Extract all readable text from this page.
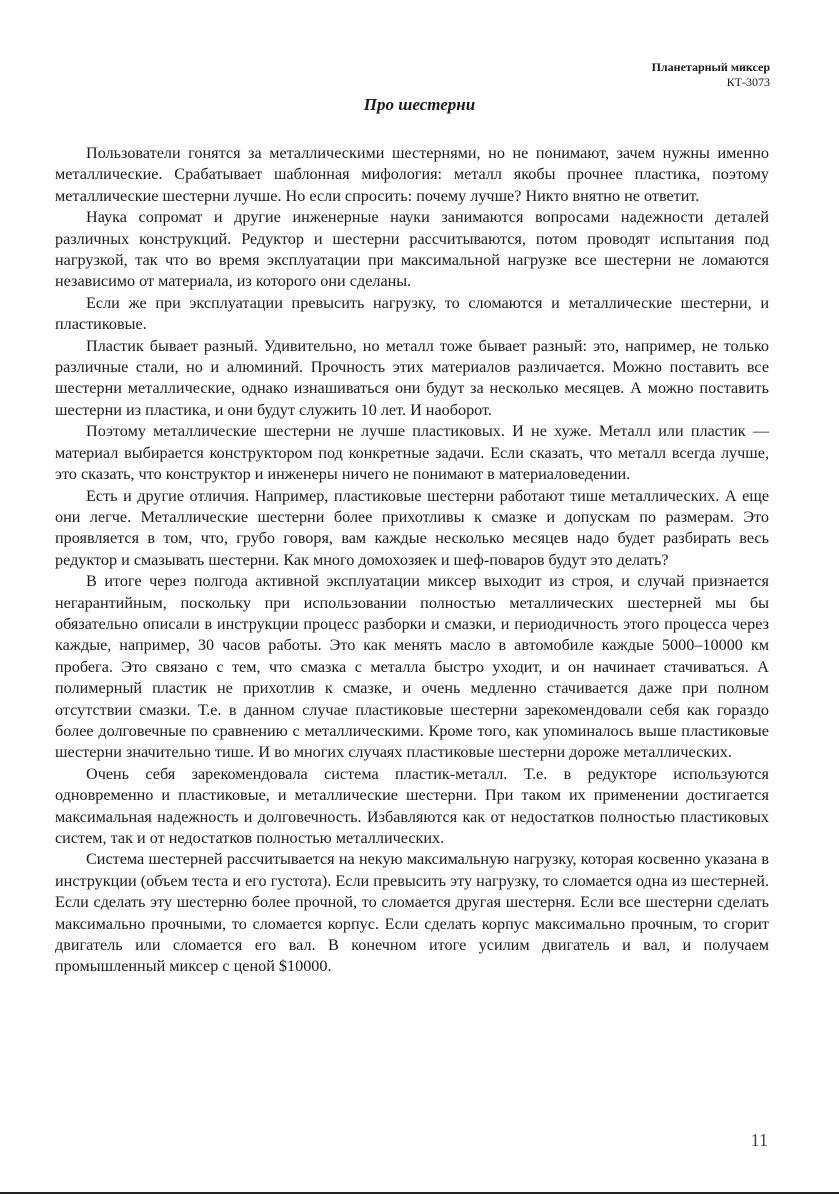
Планетарный миксер
КТ-3073
Про шестерни

Пользователи гонятся за металлическими шестернями, но не понимают, зачем нужны именно металлические. Срабатывает шаблонная мифология: металл якобы прочнее пластика, поэтому металлические шестерни лучше. Но если спросить: почему лучше? Никто внятно не ответит.

Наука сопромат и другие инженерные науки занимаются вопросами надежности деталей различных конструкций. Редуктор и шестерни рассчитываются, потом проводят испытания под нагрузкой, так что во время эксплуатации при максимальной нагрузке все шестерни не ломаются независимо от материала, из которого они сделаны.

Если же при эксплуатации превысить нагрузку, то сломаются и металлические шестерни, и пластиковые.

Пластик бывает разный. Удивительно, но металл тоже бывает разный: это, например, не только различные стали, но и алюминий. Прочность этих материалов различается. Можно поставить все шестерни металлические, однако изнашиваться они будут за несколько месяцев. А можно поставить шестерни из пластика, и они будут служить 10 лет. И наоборот.

Поэтому металлические шестерни не лучше пластиковых. И не хуже. Металл или пластик — материал выбирается конструктором под конкретные задачи. Если сказать, что металл всегда лучше, это сказать, что конструктор и инженеры ничего не понимают в материаловедении.

Есть и другие отличия. Например, пластиковые шестерни работают тише металлических. А еще они легче. Металлические шестерни более прихотливы к смазке и допускам по размерам. Это проявляется в том, что, грубо говоря, вам каждые несколько месяцев надо будет разбирать весь редуктор и смазывать шестерни. Как много домохозяек и шеф-поваров будут это делать?

В итоге через полгода активной эксплуатации миксер выходит из строя, и случай признается негарантийным, поскольку при использовании полностью металлических шестерней мы бы обязательно описали в инструкции процесс разборки и смазки, и периодичность этого процесса через каждые, например, 30 часов работы. Это как менять масло в автомобиле каждые 5000–10000 км пробега. Это связано с тем, что смазка с металла быстро уходит, и он начинает стачиваться. А полимерный пластик не прихотлив к смазке, и очень медленно стачивается даже при полном отсутствии смазки. Т.е. в данном случае пластиковые шестерни зарекомендовали себя как гораздо более долговечные по сравнению с металлическими. Кроме того, как упоминалось выше пластиковые шестерни значительно тише. И во многих случаях пластиковые шестерни дороже металлических.

Очень себя зарекомендовала система пластик-металл. Т.е. в редукторе используются одновременно и пластиковые, и металлические шестерни. При таком их применении достигается максимальная надежность и долговечность. Избавляются как от недостатков полностью пластиковых систем, так и от недостатков полностью металлических.

Система шестерней рассчитывается на некую максимальную нагрузку, которая косвенно указана в инструкции (объем теста и его густота). Если превысить эту нагрузку, то сломается одна из шестерней. Если сделать эту шестерню более прочной, то сломается другая шестерня. Если все шестерни сделать максимально прочными, то сломается корпус. Если сделать корпус максимально прочным, то сгорит двигатель или сломается его вал. В конечном итоге усилим двигатель и вал, и получаем промышленный миксер с ценой $10000.

11
